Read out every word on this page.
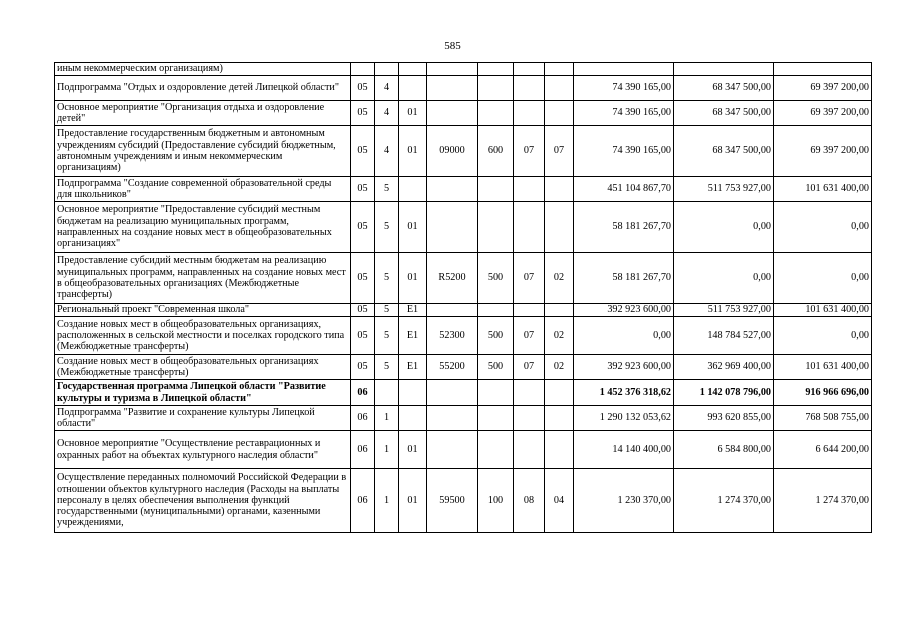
585
иным некоммерческим организациям)										
Подпрограмма "Отдых и оздоровление детей Липецкой области"	05	4						74 390 165,00	68 347 500,00	69 397 200,00
Основное мероприятие "Организация отдыха и оздоровление детей"	05	4	01					74 390 165,00	68 347 500,00	69 397 200,00
Предоставление государственным бюджетным и автономным учреждениям субсидий (Предоставление субсидий бюджетным, автономным учреждениям и иным некоммерческим организациям)	05	4	01	09000	600	07	07	74 390 165,00	68 347 500,00	69 397 200,00
Подпрограмма "Создание современной образовательной среды для школьников"	05	5						451 104 867,70	511 753 927,00	101 631 400,00
Основное мероприятие "Предоставление субсидий местным бюджетам на реализацию муниципальных программ, направленных на создание новых мест в общеобразовательных организациях"	05	5	01					58 181 267,70	0,00	0,00
Предоставление субсидий местным бюджетам на реализацию муниципальных программ, направленных на создание новых мест в общеобразовательных организациях (Межбюджетные трансферты)	05	5	01	R5200	500	07	02	58 181 267,70	0,00	0,00
Региональный проект "Современная школа"	05	5	E1					392 923 600,00	511 753 927,00	101 631 400,00
Создание новых мест в общеобразовательных организациях, расположенных в сельской местности и поселках городского типа (Межбюджетные трансферты)	05	5	E1	52300	500	07	02	0,00	148 784 527,00	0,00
Создание новых мест в общеобразовательных организациях (Межбюджетные трансферты)	05	5	E1	55200	500	07	02	392 923 600,00	362 969 400,00	101 631 400,00
Государственная программа Липецкой области "Развитие культуры и туризма в Липецкой области"	06							1 452 376 318,62	1 142 078 796,00	916 966 696,00
Подпрограмма "Развитие и сохранение культуры Липецкой области"	06	1						1 290 132 053,62	993 620 855,00	768 508 755,00
Основное мероприятие "Осуществление реставрационных и охранных работ на объектах культурного наследия области"	06	1	01					14 140 400,00	6 584 800,00	6 644 200,00
Осуществление переданных полномочий Российской Федерации в отношении объектов культурного наследия (Расходы на выплаты персоналу в целях обеспечения выполнения функций государственными (муниципальными) органами, казенными учреждениями,	06	1	01	59500	100	08	04	1 230 370,00	1 274 370,00	1 274 370,00
